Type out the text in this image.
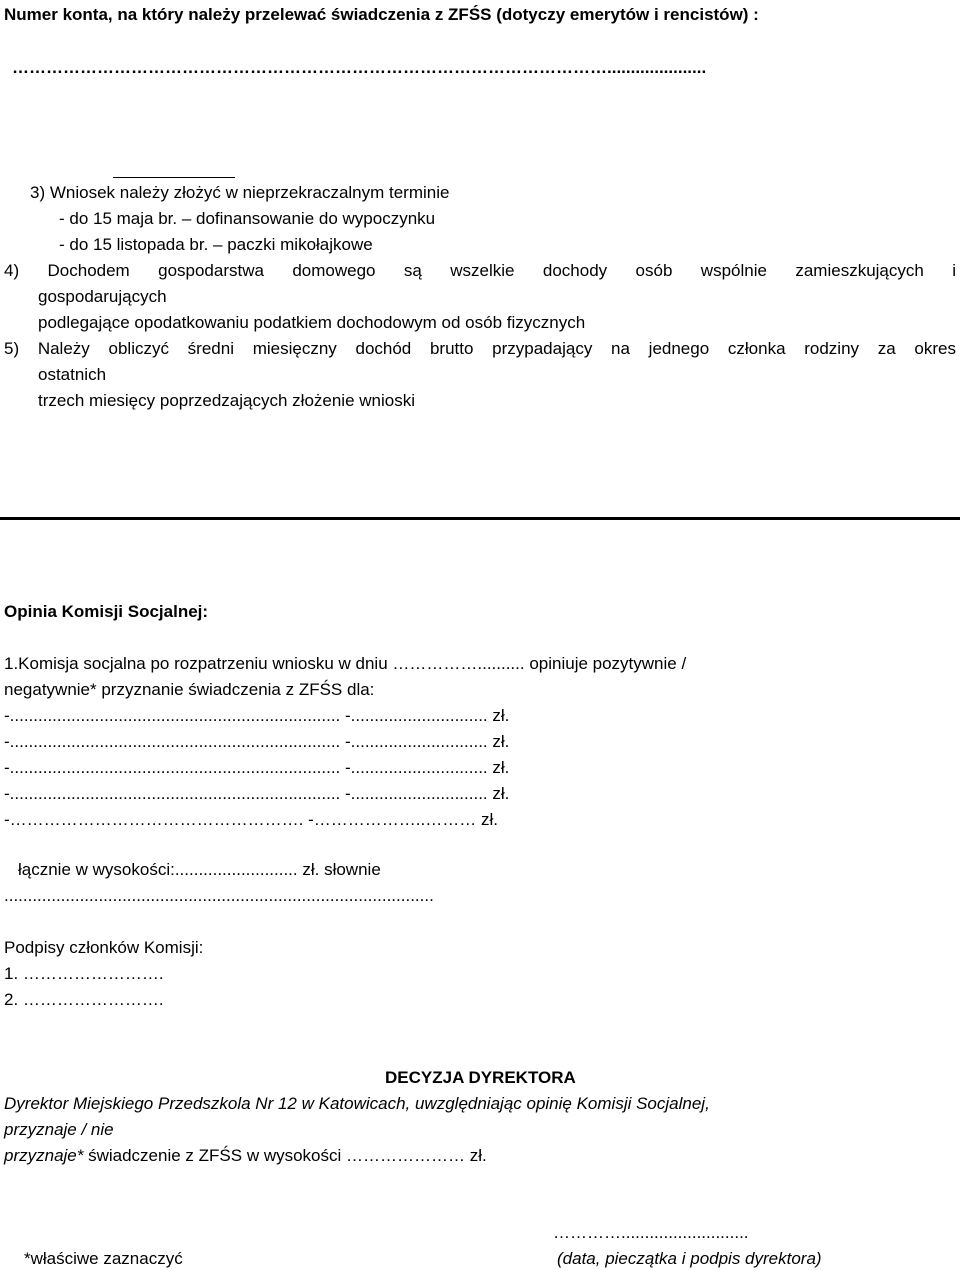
Numer konta, na który należy przelewać świadczenia z ZFŚS (dotyczy emerytów i rencistów) :
…………………………………………………………………………………………….....................
3) Wniosek należy złożyć w nieprzekraczalnym terminie
- do 15 maja br. – dofinansowanie do wypoczynku
- do 15 listopada br. – paczki mikołajkowe
4) Dochodem gospodarstwa domowego są wszelkie dochody osób wspólnie zamieszkujących i
gospodarujących
podlegające opodatkowaniu podatkiem dochodowym od osób fizycznych
5) Należy obliczyć średni miesięczny dochód brutto przypadający na jednego członka rodziny za okres
ostatnich
trzech miesięcy poprzedzających złożenie wnioski
Opinia Komisji Socjalnej:
1.Komisja socjalna po rozpatrzeniu wniosku w dniu …………….......... opiniuje pozytywnie /
negatywnie* przyznanie świadczenia z ZFŚS dla:
-...................................................................... -............................. zł.
-...................................................................... -............................. zł.
-...................................................................... -............................. zł.
-...................................................................... -............................. zł.
-……………………………………………. -………………..……… zł.
łącznie w wysokości:.......................... zł. słownie
...........................................................................................
Podpisy członków Komisji:
1. …………………….
2. …………………….
DECYZJA DYREKTORA
Dyrektor Miejskiego Przedszkola Nr 12 w Katowicach, uwzględniając opinię Komisji Socjalnej,
przyznaje / nie
przyznaje* świadczenie z ZFŚS w wysokości ………………… zł.
…………...........................
*właściwe zaznaczyć	(data, pieczątka i podpis dyrektora)
